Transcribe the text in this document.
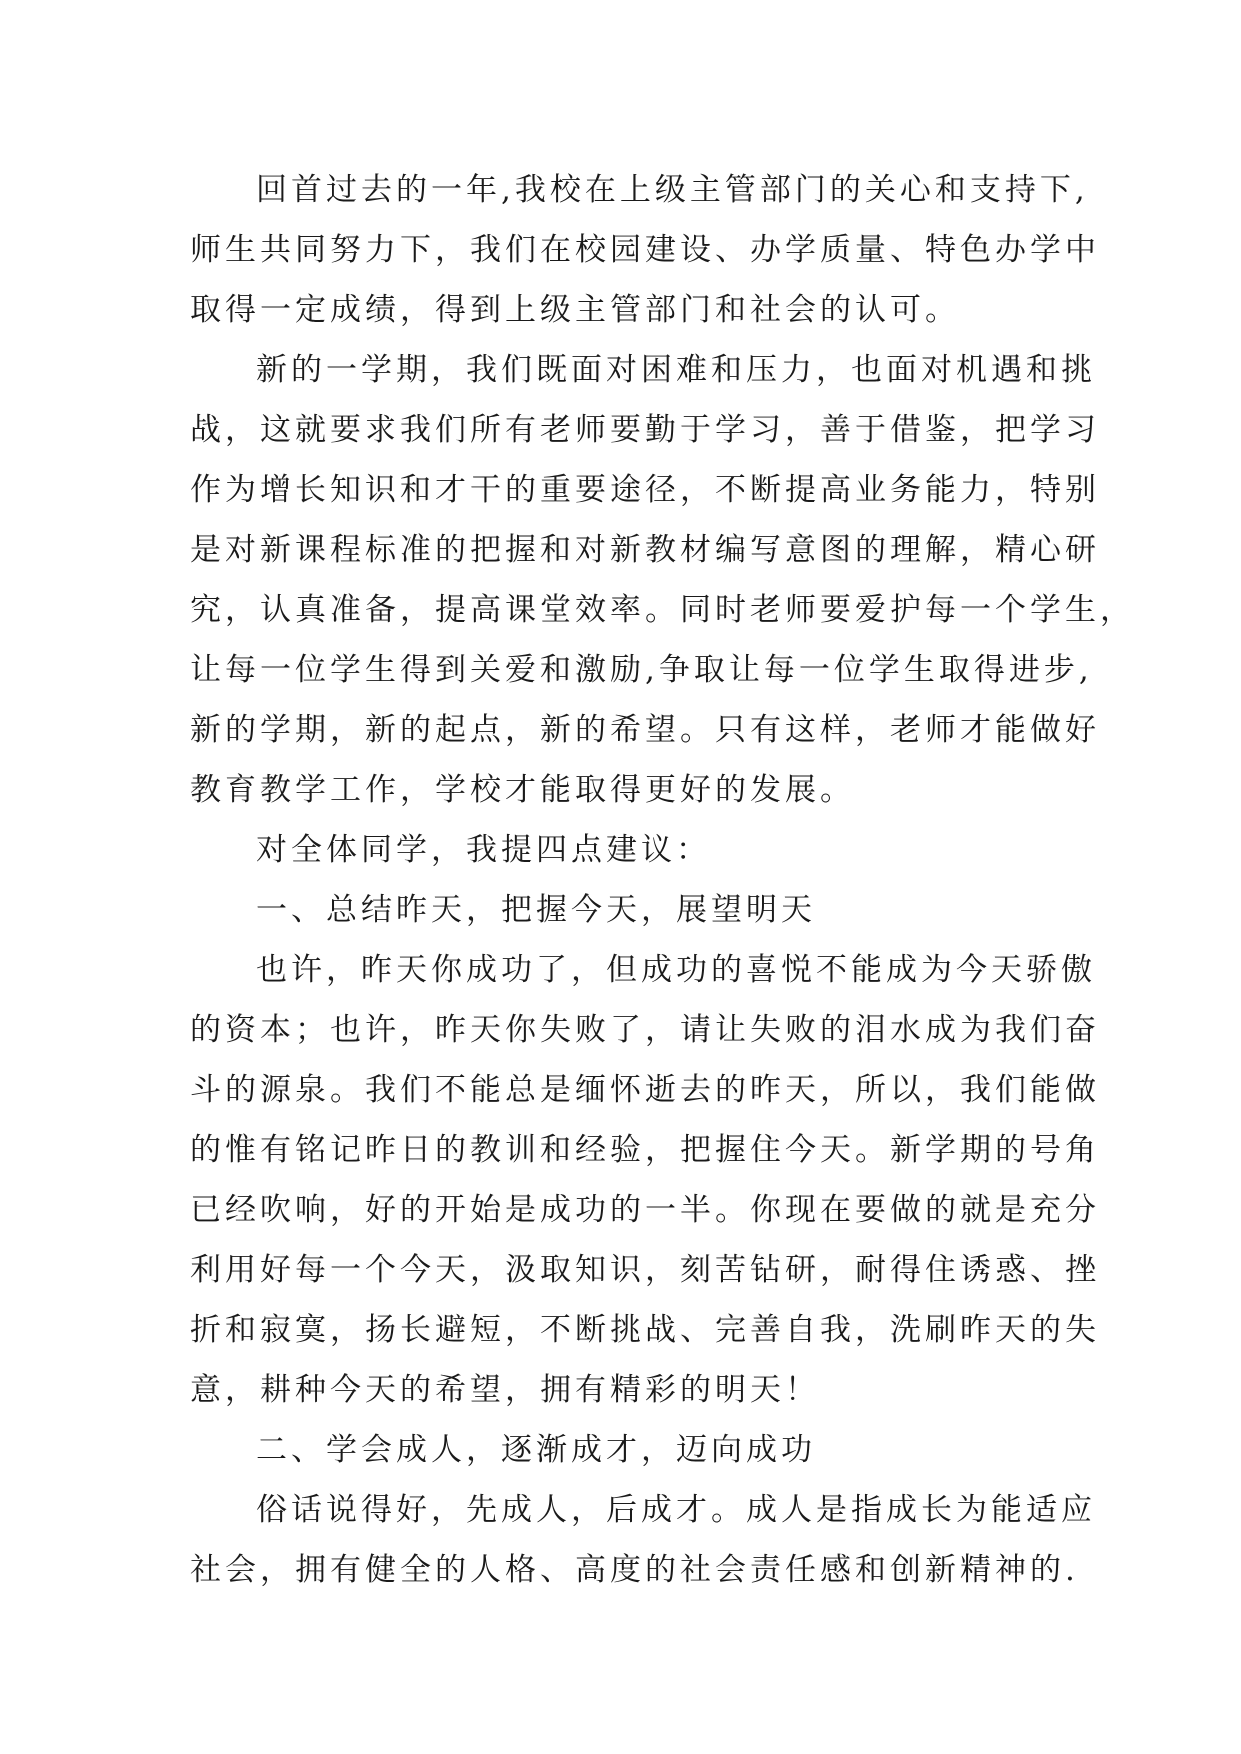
回首过去的一年,我校在上级主管部门的关心和支持下,
师生共同努力下，我们在校园建设、办学质量、特色办学中
取得一定成绩，得到上级主管部门和社会的认可。
新的一学期，我们既面对困难和压力，也面对机遇和挑
战，这就要求我们所有老师要勤于学习，善于借鉴，把学习
作为增长知识和才干的重要途径，不断提高业务能力，特别
是对新课程标准的把握和对新教材编写意图的理解，精心研
究，认真准备，提高课堂效率。同时老师要爱护每一个学生，
让每一位学生得到关爱和激励,争取让每一位学生取得进步,
新的学期，新的起点，新的希望。只有这样，老师才能做好
教育教学工作，学校才能取得更好的发展。
对全体同学，我提四点建议：
一、总结昨天，把握今天，展望明天
也许，昨天你成功了，但成功的喜悦不能成为今天骄傲
的资本；也许，昨天你失败了，请让失败的泪水成为我们奋
斗的源泉。我们不能总是缅怀逝去的昨天，所以，我们能做
的惟有铭记昨日的教训和经验，把握住今天。新学期的号角
已经吹响，好的开始是成功的一半。你现在要做的就是充分
利用好每一个今天，汲取知识，刻苦钻研，耐得住诱惑、挫
折和寂寞，扬长避短，不断挑战、完善自我，洗刷昨天的失
意，耕种今天的希望，拥有精彩的明天！
二、学会成人，逐渐成才，迈向成功
俗话说得好，先成人，后成才。成人是指成长为能适应
社会，拥有健全的人格、高度的社会责任感和创新精神的.
